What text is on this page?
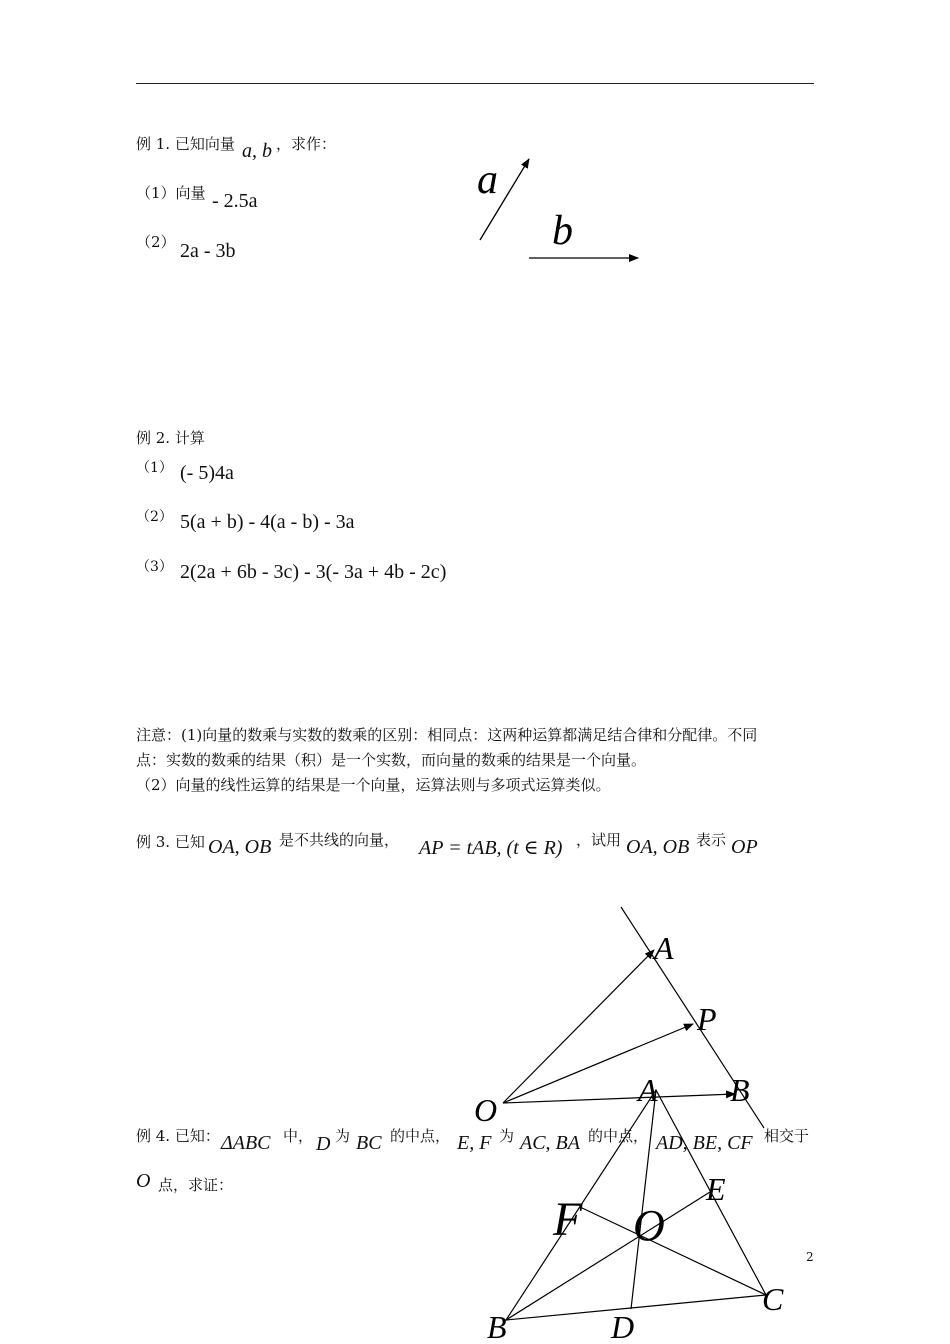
例 1. 已知向量 a, b ，求作：
（1）向量 - 2.5a
（2） 2a - 3b
例 2. 计算
（1） (- 5)4a
（2） 5(a + b) - 4(a - b) - 3a
（3） 2(2a + 6b - 3c) - 3(- 3a + 4b - 2c)
注意：(1)向量的数乘与实数的数乘的区别：相同点：这两种运算都满足结合律和分配律。不同
点：实数的数乘的结果（积）是一个实数，而向量的数乘的结果是一个向量。
（2）向量的线性运算的结果是一个向量，运算法则与多项式运算类似。
例 3. 已知 OA, OB 是不共线的向量， AP = tAB, (t ∈ R) ，试用 OA, OB 表示 OP
例 4. 已知： ΔABC 中， D 为 BC 的中点， E, F 为 AC, BA 的中点， AD, BE, CF 相交于
O 点，求证：
a
b
A
P
B
O
A
E
F O
C
B	D
2
